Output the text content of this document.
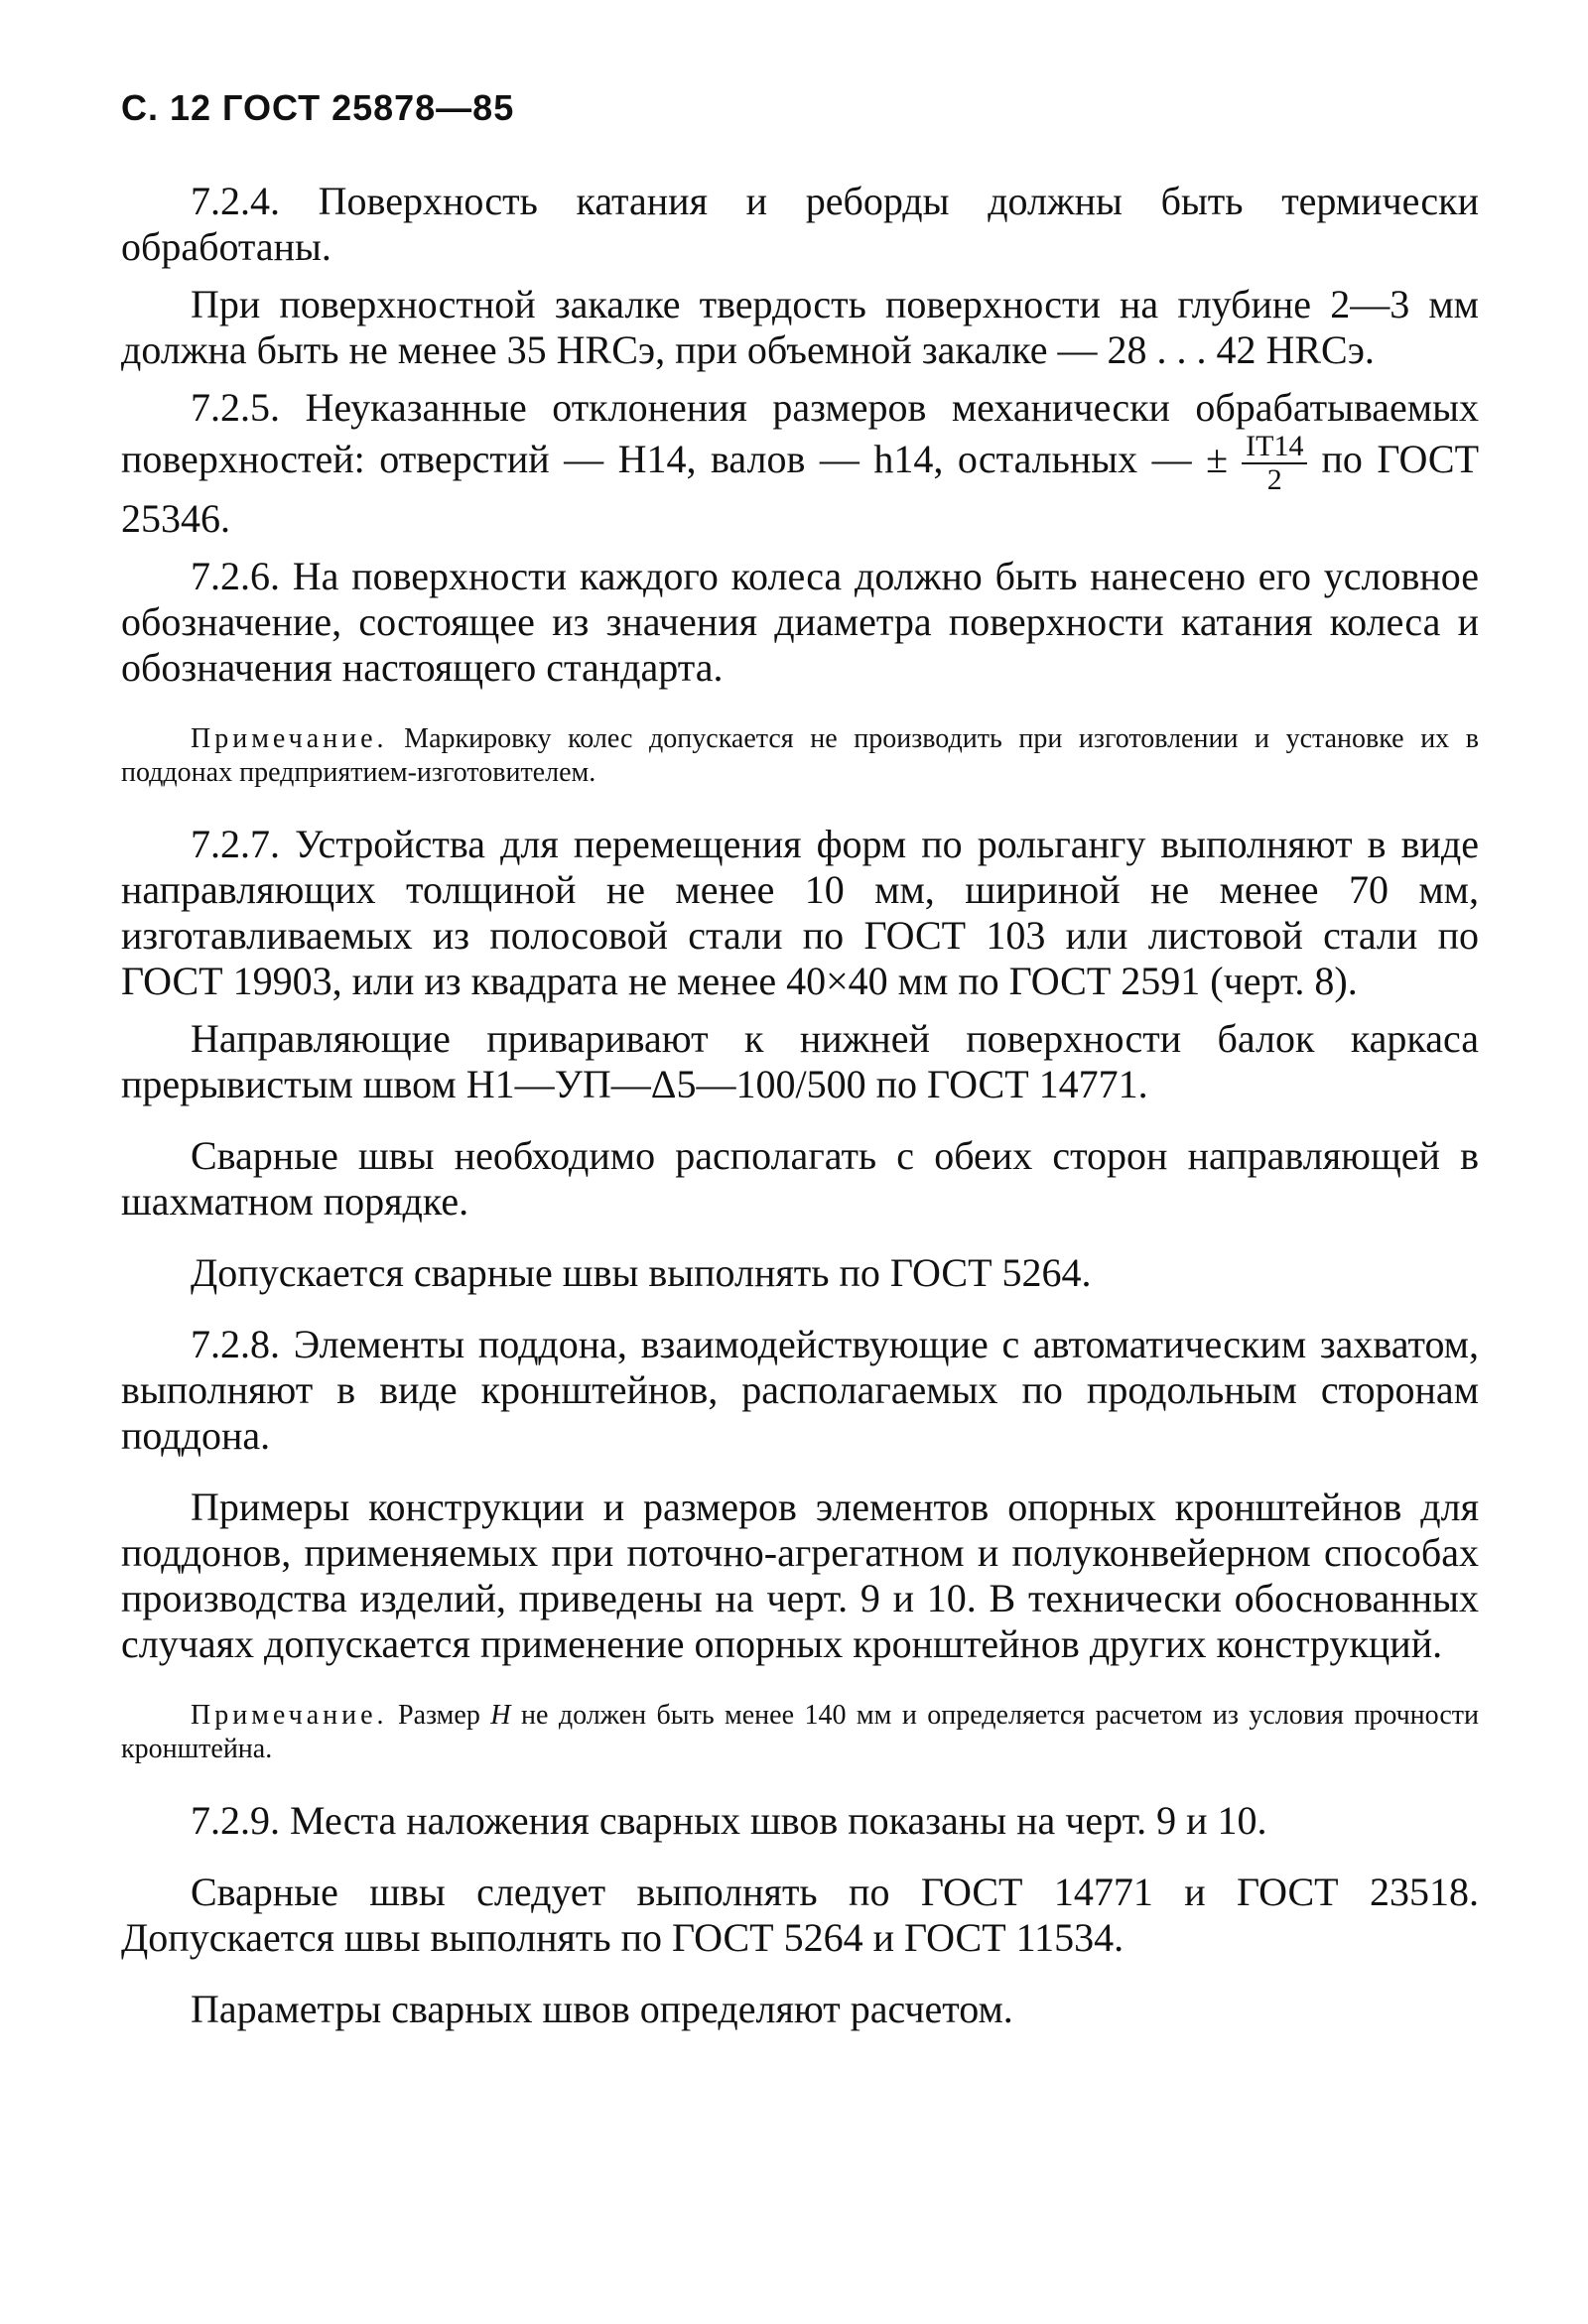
С. 12 ГОСТ 25878—85

7.2.4. Поверхность катания и реборды должны быть термически обработаны.

При поверхностной закалке твердость поверхности на глубине 2—3 мм должна быть не менее 35 HRCэ, при объемной закалке — 28 . . . 42 HRCэ.

7.2.5. Неуказанные отклонения размеров механически обрабатываемых поверхностей: отверстий — H14, валов — h14, остальных — ± $\frac{IT14}{2}$ по ГОСТ 25346.

7.2.6. На поверхности каждого колеса должно быть нанесено его условное обозначение, состоящее из значения диаметра поверхности катания колеса и обозначения настоящего стандарта.

Примечание. Маркировку колес допускается не производить при изготовлении и установке их в поддонах предприятием-изготовителем.

7.2.7. Устройства для перемещения форм по рольгангу выполняют в виде направляющих толщиной не менее 10 мм, шириной не менее 70 мм, изготавливаемых из полосовой стали по ГОСТ 103 или листовой стали по ГОСТ 19903, или из квадрата не менее 40×40 мм по ГОСТ 2591 (черт. 8).

Направляющие приваривают к нижней поверхности балок каркаса прерывистым швом Н1—УП—Δ5—100/500 по ГОСТ 14771.

Сварные швы необходимо располагать с обеих сторон направляющей в шахматном порядке.

Допускается сварные швы выполнять по ГОСТ 5264.

7.2.8. Элементы поддона, взаимодействующие с автоматическим захватом, выполняют в виде кронштейнов, располагаемых по продольным сторонам поддона.

Примеры конструкции и размеров элементов опорных кронштейнов для поддонов, применяемых при поточно-агрегатном и полуконвейерном способах производства изделий, приведены на черт. 9 и 10. В технически обоснованных случаях допускается применение опорных кронштейнов других конструкций.

Примечание. Размер H не должен быть менее 140 мм и определяется расчетом из условия прочности кронштейна.

7.2.9. Места наложения сварных швов показаны на черт. 9 и 10.

Сварные швы следует выполнять по ГОСТ 14771 и ГОСТ 23518. Допускается швы выполнять по ГОСТ 5264 и ГОСТ 11534.

Параметры сварных швов определяют расчетом.
